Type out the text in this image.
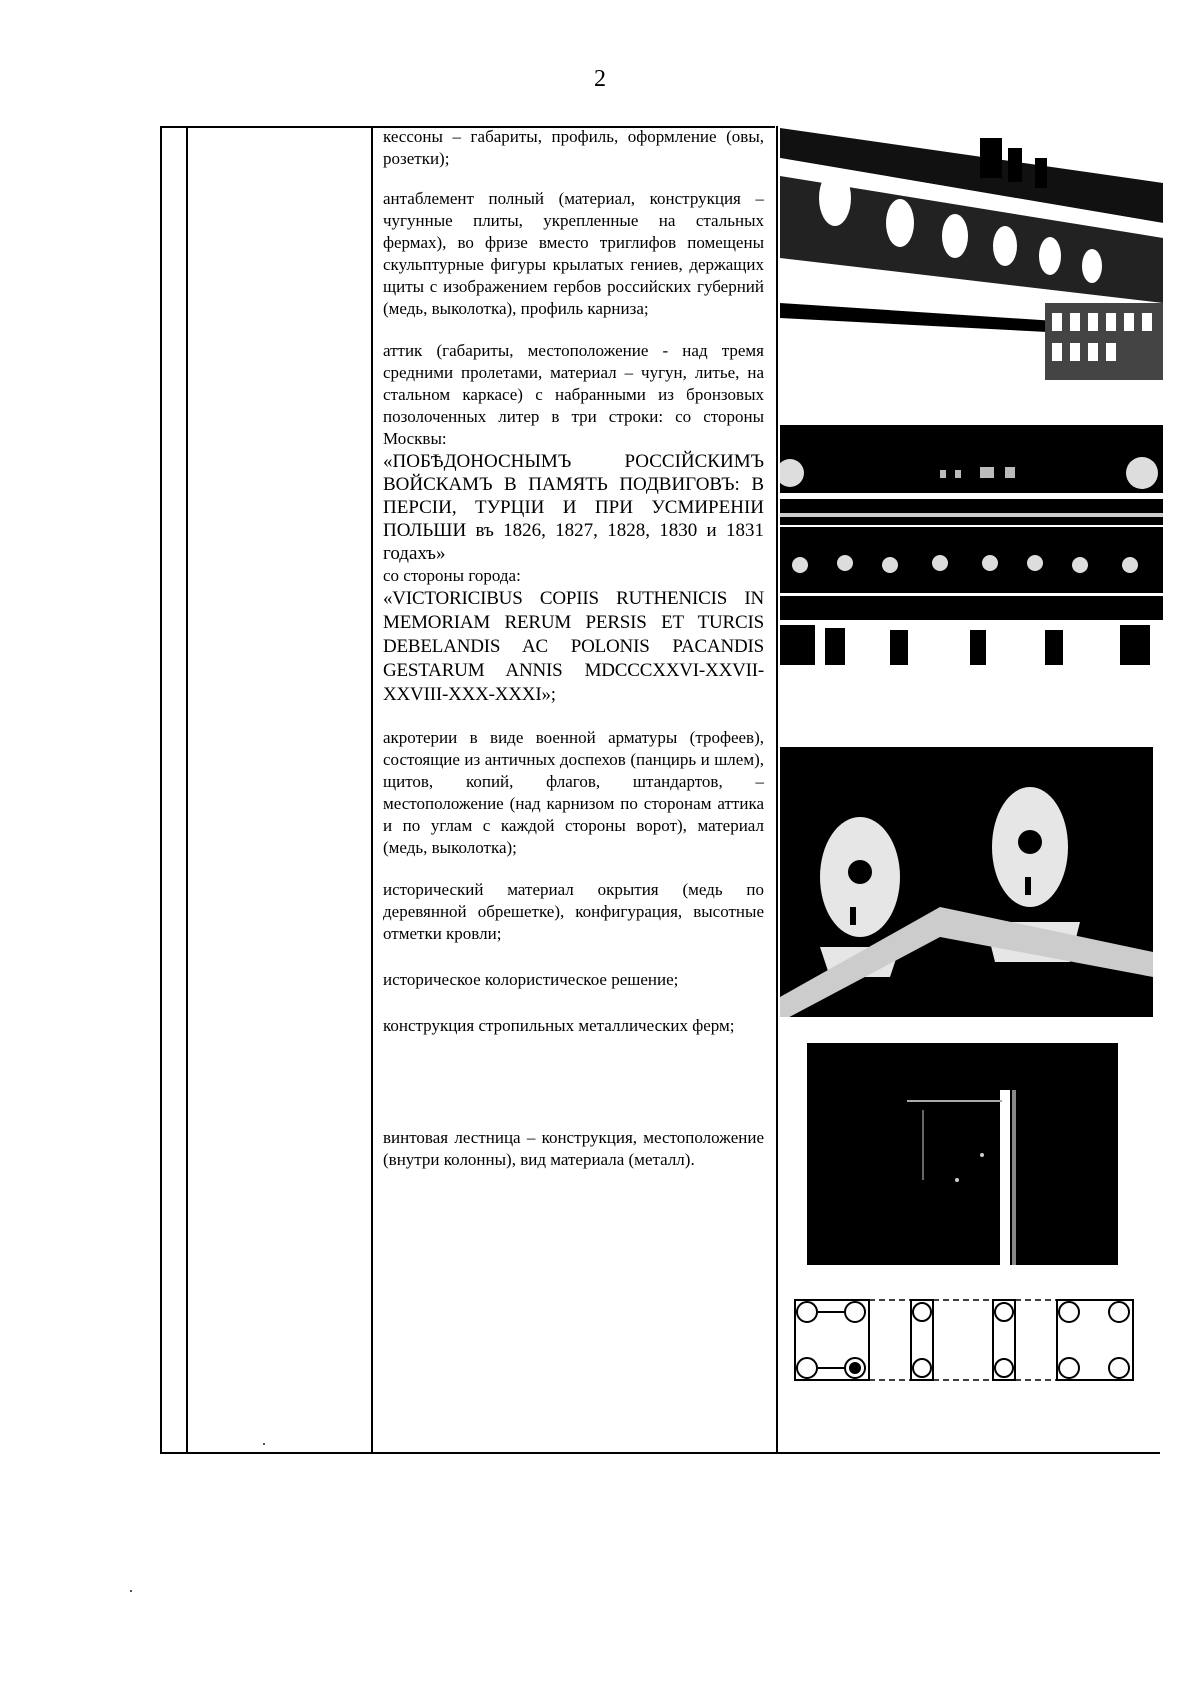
2

кессоны – габариты, профиль, оформление (овы, розетки);

антаблемент полный (материал, конструкция – чугунные плиты, укрепленные на стальных фермах), во фризе вместо триглифов помещены скульптурные фигуры крылатых гениев, держащих щиты с изображением гербов российских губерний (медь, выколотка), профиль карниза;

аттик (габариты, местоположение - над тремя средними пролетами, материал – чугун, литье, на стальном каркасе) с набранными из бронзовых позолоченных литер в три строки: со стороны Москвы:

«ПОБѢДОНОСНЫМЪ РОССІЙСКИМЪ ВОЙСКАМЪ В ПАМЯТЬ ПОДВИГОВЪ: В ПЕРСІИ, ТУРЦІИ И ПРИ УСМИРЕНІИ ПОЛЬШИ въ 1826, 1827, 1828, 1830 и 1831 годахъ»

со стороны города:

«VICTORICIBUS COPIIS RUTHENICIS IN MEMORIAM RERUM PERSIS ET TURCIS DEBELANDIS AC POLONIS PACANDIS GESTARUM ANNIS MDCCCXXVI-XXVII-XXVIII-XXX-XXXI»;

акротерии в виде военной арматуры (трофеев), состоящие из античных доспехов (панцирь и шлем), щитов, копий, флагов, штандартов, – местоположение (над карнизом по сторонам аттика и по углам с каждой стороны ворот), материал (медь, выколотка);

исторический материал окрытия (медь по деревянной обрешетке), конфигурация, высотные отметки кровли;

историческое колористическое решение;

конструкция стропильных металлических ферм;

винтовая лестница – конструкция, местоположение (внутри колонны), вид материала (металл).
